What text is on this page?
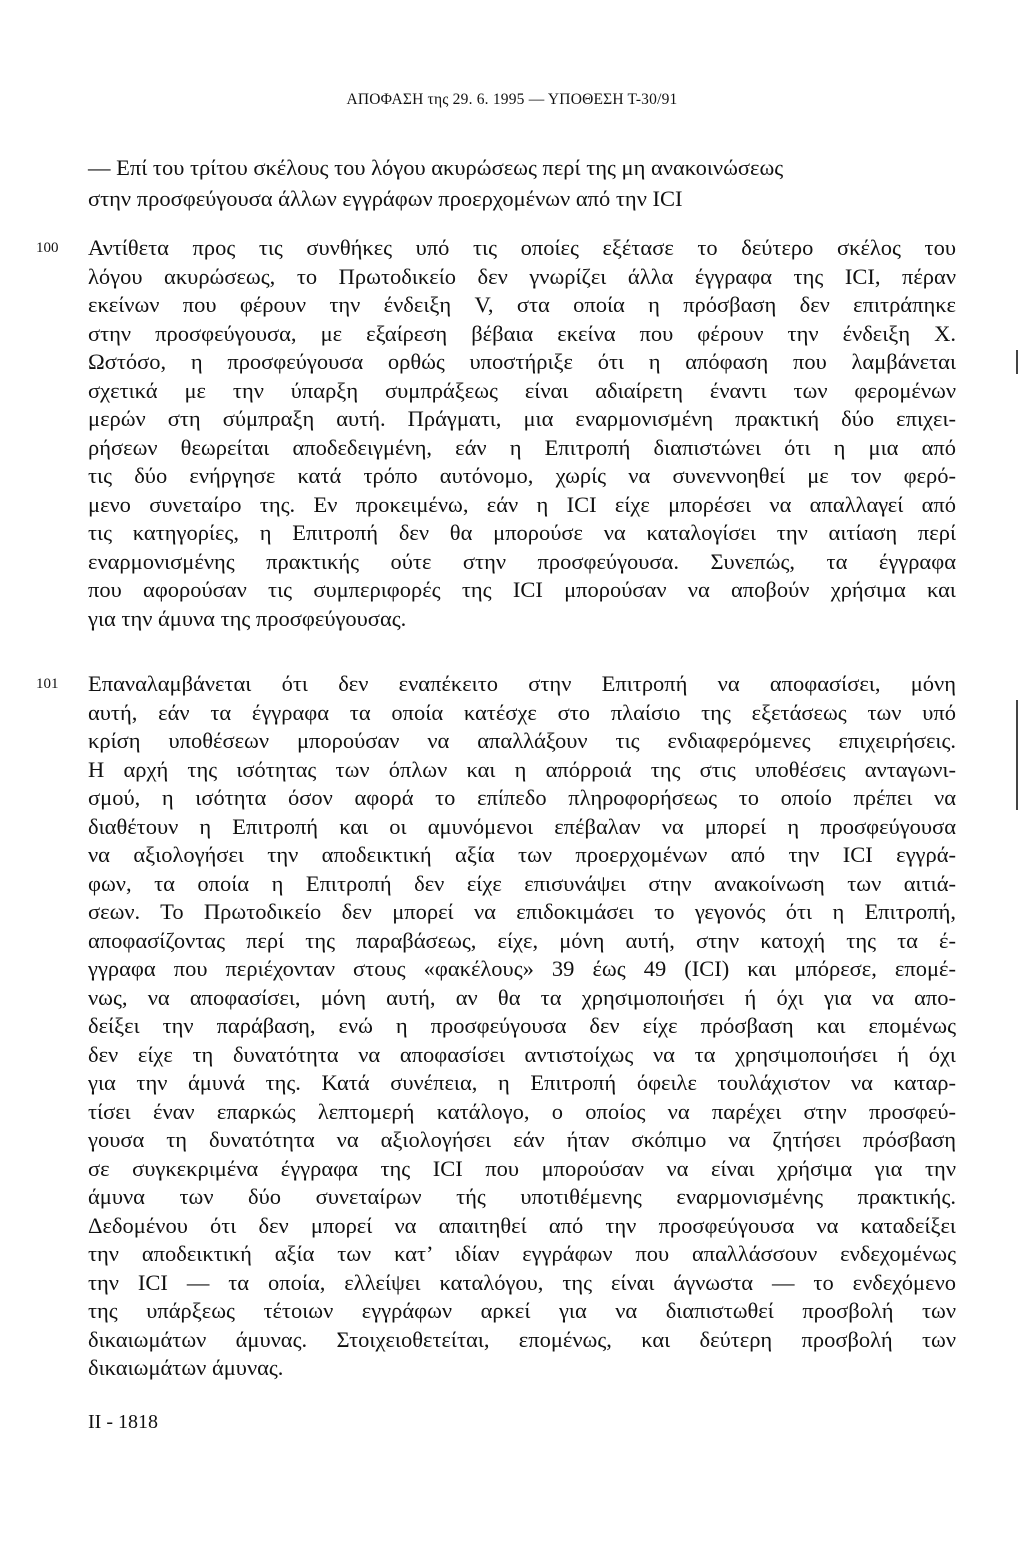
ΑΠΟΦΑΣΗ της 29. 6. 1995 — ΥΠΟΘΕΣΗ Τ-30/91
— Επί του τρίτου σκέλους του λόγου ακυρώσεως περί της μη ανακοινώσεως
στην προσφεύγουσα άλλων εγγράφων προερχομένων από την ICI
100 Αντίθετα προς τις συνθήκες υπό τις οποίες εξέτασε το δεύτερο σκέλος του
λόγου ακυρώσεως, το Πρωτοδικείο δεν γνωρίζει άλλα έγγραφα της ICI, πέραν
εκείνων που φέρουν την ένδειξη V, στα οποία η πρόσβαση δεν επιτράπηκε
στην προσφεύγουσα, με εξαίρεση βέβαια εκείνα που φέρουν την ένδειξη X.
Ωστόσο, η προσφεύγουσα ορθώς υποστήριξε ότι η απόφαση που λαμβάνεται
σχετικά με την ύπαρξη συμπράξεως είναι αδιαίρετη έναντι των φερομένων
μερών στη σύμπραξη αυτή. Πράγματι, μια εναρμονισμένη πρακτική δύο επιχει-
ρήσεων θεωρείται αποδεδειγμένη, εάν η Επιτροπή διαπιστώνει ότι η μια από
τις δύο ενήργησε κατά τρόπο αυτόνομο, χωρίς να συνεννοηθεί με τον φερό-
μενο συνεταίρο της. Εν προκειμένω, εάν η ICI είχε μπορέσει να απαλλαγεί από
τις κατηγορίες, η Επιτροπή δεν θα μπορούσε να καταλογίσει την αιτίαση περί
εναρμονισμένης πρακτικής ούτε στην προσφεύγουσα. Συνεπώς, τα έγγραφα
που αφορούσαν τις συμπεριφορές της ICI μπορούσαν να αποβούν χρήσιμα και
για την άμυνα της προσφεύγουσας.
101 Επαναλαμβάνεται ότι δεν εναπέκειτο στην Επιτροπή να αποφασίσει, μόνη
αυτή, εάν τα έγγραφα τα οποία κατέσχε στο πλαίσιο της εξετάσεως των υπό
κρίση υποθέσεων μπορούσαν να απαλλάξουν τις ενδιαφερόμενες επιχειρήσεις.
Η αρχή της ισότητας των όπλων και η απόρροιά της στις υποθέσεις ανταγωνι-
σμού, η ισότητα όσον αφορά το επίπεδο πληροφορήσεως το οποίο πρέπει να
διαθέτουν η Επιτροπή και οι αμυνόμενοι επέβαλαν να μπορεί η προσφεύγουσα
να αξιολογήσει την αποδεικτική αξία των προερχομένων από την ICI εγγρά-
φων, τα οποία η Επιτροπή δεν είχε επισυνάψει στην ανακοίνωση των αιτιά-
σεων. Το Πρωτοδικείο δεν μπορεί να επιδοκιμάσει το γεγονός ότι η Επιτροπή,
αποφασίζοντας περί της παραβάσεως, είχε, μόνη αυτή, στην κατοχή της τα έ-
γγραφα που περιέχονταν στους «φακέλους» 39 έως 49 (ICI) και μπόρεσε, επομέ-
νως, να αποφασίσει, μόνη αυτή, αν θα τα χρησιμοποιήσει ή όχι για να απο-
δείξει την παράβαση, ενώ η προσφεύγουσα δεν είχε πρόσβαση και επομένως
δεν είχε τη δυνατότητα να αποφασίσει αντιστοίχως να τα χρησιμοποιήσει ή όχι
για την άμυνά της. Κατά συνέπεια, η Επιτροπή όφειλε τουλάχιστον να καταρ-
τίσει έναν επαρκώς λεπτομερή κατάλογο, ο οποίος να παρέχει στην προσφεύ-
γουσα τη δυνατότητα να αξιολογήσει εάν ήταν σκόπιμο να ζητήσει πρόσβαση
σε συγκεκριμένα έγγραφα της ICI που μπορούσαν να είναι χρήσιμα για την
άμυνα των δύο συνεταίρων τής υποτιθέμενης εναρμονισμένης πρακτικής.
Δεδομένου ότι δεν μπορεί να απαιτηθεί από την προσφεύγουσα να καταδείξει
την αποδεικτική αξία των κατ’ ιδίαν εγγράφων που απαλλάσσουν ενδεχομένως
την ICI — τα οποία, ελλείψει καταλόγου, της είναι άγνωστα — το ενδεχόμενο
της υπάρξεως τέτοιων εγγράφων αρκεί για να διαπιστωθεί προσβολή των
δικαιωμάτων άμυνας. Στοιχειοθετείται, επομένως, και δεύτερη προσβολή των
δικαιωμάτων άμυνας.
II - 1818
